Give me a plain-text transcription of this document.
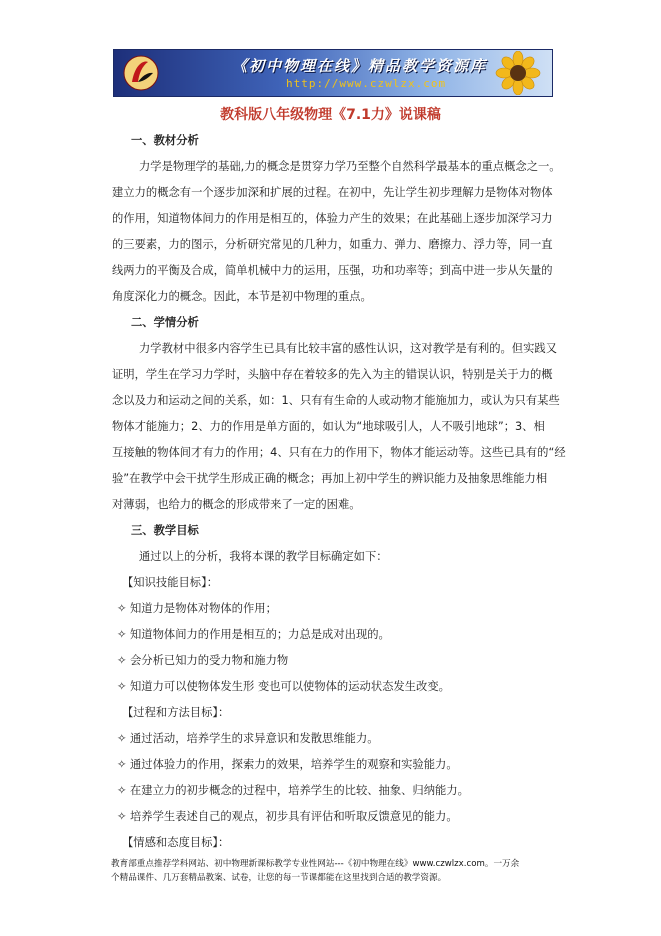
《初中物理在线》精品教学资源库
http://www.czwlzx.com
教科版八年级物理《7.1力》说课稿

一、教材分析

力学是物理学的基础,力的概念是贯穿力学乃至整个自然科学最基本的重点概念之一。

建立力的概念有一个逐步加深和扩展的过程。在初中，先让学生初步理解力是物体对物体

的作用，知道物体间力的作用是相互的，体验力产生的效果；在此基础上逐步加深学习力

的三要素，力的图示，分析研究常见的几种力，如重力、弹力、磨擦力、浮力等，同一直

线两力的平衡及合成，简单机械中力的运用，压强，功和功率等；到高中进一步从矢量的

角度深化力的概念。因此，本节是初中物理的重点。

二、学情分析

力学教材中很多内容学生已具有比较丰富的感性认识，这对教学是有利的。但实践又

证明，学生在学习力学时，头脑中存在着较多的先入为主的错误认识，特别是关于力的概

念以及力和运动之间的关系，如：1、只有有生命的人或动物才能施加力，或认为只有某些

物体才能施力；2、力的作用是单方面的，如认为“地球吸引人，人不吸引地球”；3、相

互接触的物体间才有力的作用；4、只有在力的作用下，物体才能运动等。这些已具有的“经

验”在教学中会干扰学生形成正确的概念；再加上初中学生的辨识能力及抽象思维能力相

对薄弱，也给力的概念的形成带来了一定的困难。

三、教学目标

通过以上的分析，我将本课的教学目标确定如下：

【知识技能目标】：

✧ 知道力是物体对物体的作用；

✧ 知道物体间力的作用是相互的；力总是成对出现的。

✧ 会分析已知力的受力物和施力物

✧ 知道力可以使物体发生形 变也可以使物体的运动状态发生改变。

【过程和方法目标】：

✧ 通过活动，培养学生的求异意识和发散思维能力。

✧ 通过体验力的作用，探索力的效果，培养学生的观察和实验能力。

✧ 在建立力的初步概念的过程中，培养学生的比较、抽象、归纳能力。

✧ 培养学生表述自己的观点，初步具有评估和听取反馈意见的能力。

【情感和态度目标】：

教育部重点推荐学科网站、初中物理新课标教学专业性网站---《初中物理在线》www.czwlzx.com。一万余

个精品课件、几万套精品教案、试卷，让您的每一节课都能在这里找到合适的教学资源。
